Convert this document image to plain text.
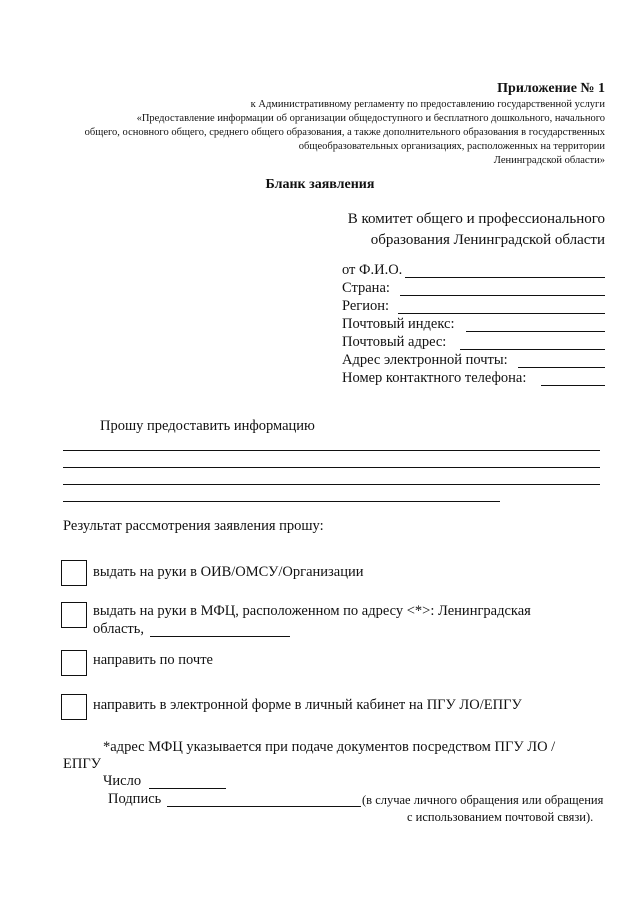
Приложение № 1
к Административному регламенту по предоставлению государственной услуги
«Предоставление информации об организации общедоступного и бесплатного дошкольного, начального
общего, основного общего, среднего общего образования, а также дополнительного образования в государственных
общеобразовательных организациях, расположенных на территории
Ленинградской области»
Бланк заявления
В комитет общего и профессионального
образования Ленинградской области
от Ф.И.О.
Страна:
Регион:
Почтовый индекс:
Почтовый адрес:
Адрес электронной почты:
Номер контактного телефона:
Прошу предоставить информацию
Результат рассмотрения заявления прошу:
выдать на руки в ОИВ/ОМСУ/Организации
выдать на руки в МФЦ, расположенном по адресу <*>: Ленинградская
область,
направить по почте
направить в электронной форме в личный кабинет на ПГУ ЛО/ЕПГУ
*адрес МФЦ указывается при подаче документов посредством ПГУ ЛО /
ЕПГУ
Число
Подпись	(в случае личного обращения или обращения
с использованием почтовой связи).
